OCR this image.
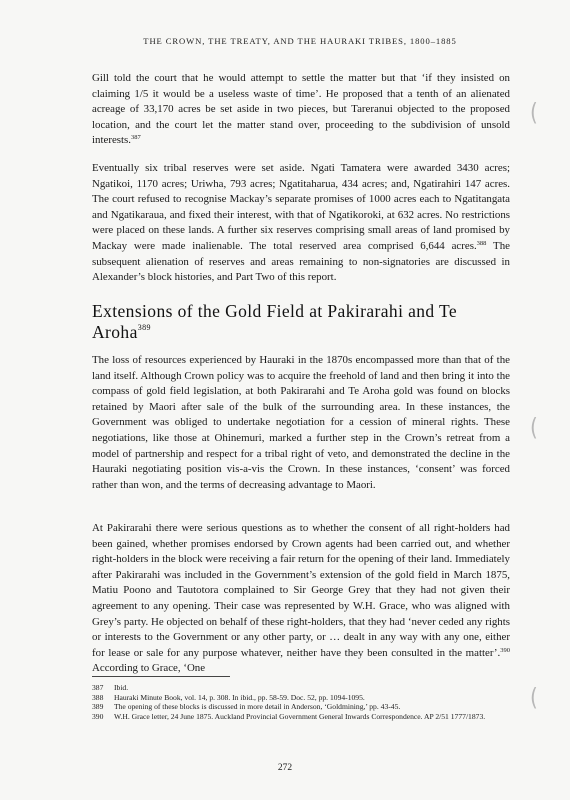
THE CROWN, THE TREATY, AND THE HAURAKI TRIBES, 1800–1885

Gill told the court that he would attempt to settle the matter but that ‘if they insisted on claiming 1/5 it would be a useless waste of time’. He proposed that a tenth of an alienated acreage of 33,170 acres be set aside in two pieces, but Tareranui objected to the proposed location, and the court let the matter stand over, proceeding to the subdivision of unsold interests.$^{387}$

Eventually six tribal reserves were set aside. Ngati Tamatera were awarded 3430 acres; Ngatikoi, 1170 acres; Uriwha, 793 acres; Ngatitaharua, 434 acres; and, Ngatirahiri 147 acres. The court refused to recognise Mackay’s separate promises of 1000 acres each to Ngatitangata and Ngatikaraua, and fixed their interest, with that of Ngatikoroki, at 632 acres. No restrictions were placed on these lands. A further six reserves comprising small areas of land promised by Mackay were made inalienable. The total reserved area comprised 6,644 acres.$^{388}$ The subsequent alienation of reserves and areas remaining to non-signatories are discussed in Alexander’s block histories, and Part Two of this report.

Extensions of the Gold Field at Pakirarahi and Te Aroha$^{389}$

The loss of resources experienced by Hauraki in the 1870s encompassed more than that of the land itself. Although Crown policy was to acquire the freehold of land and then bring it into the compass of gold field legislation, at both Pakirarahi and Te Aroha gold was found on blocks retained by Maori after sale of the bulk of the surrounding area. In these instances, the Government was obliged to undertake negotiation for a cession of mineral rights. These negotiations, like those at Ohinemuri, marked a further step in the Crown’s retreat from a model of partnership and respect for a tribal right of veto, and demonstrated the decline in the Hauraki negotiating position vis-a-vis the Crown. In these instances, ‘consent’ was forced rather than won, and the terms of decreasing advantage to Maori.

At Pakirarahi there were serious questions as to whether the consent of all right-holders had been gained, whether promises endorsed by Crown agents had been carried out, and whether right-holders in the block were receiving a fair return for the opening of their land. Immediately after Pakirarahi was included in the Government’s extension of the gold field in March 1875, Matiu Poono and Tautotora complained to Sir George Grey that they had not given their agreement to any opening. Their case was represented by W.H. Grace, who was aligned with Grey’s party. He objected on behalf of these right-holders, that they had ‘never ceded any rights or interests to the Government or any other party, or … dealt in any way with any one, either for lease or sale for any purpose whatever, neither have they been consulted in the matter’.$^{390}$ According to Grace, ‘One

387	Ibid.
388	Hauraki Minute Book, vol. 14, p. 308. In ibid., pp. 58-59. Doc. 52, pp. 1094-1095.
389	The opening of these blocks is discussed in more detail in Anderson, ‘Goldmining,’ pp. 43-45.
390	W.H. Grace letter, 24 June 1875. Auckland Provincial Government General Inwards Correspondence. AP 2/51 1777/1873.
272
(
(
(
